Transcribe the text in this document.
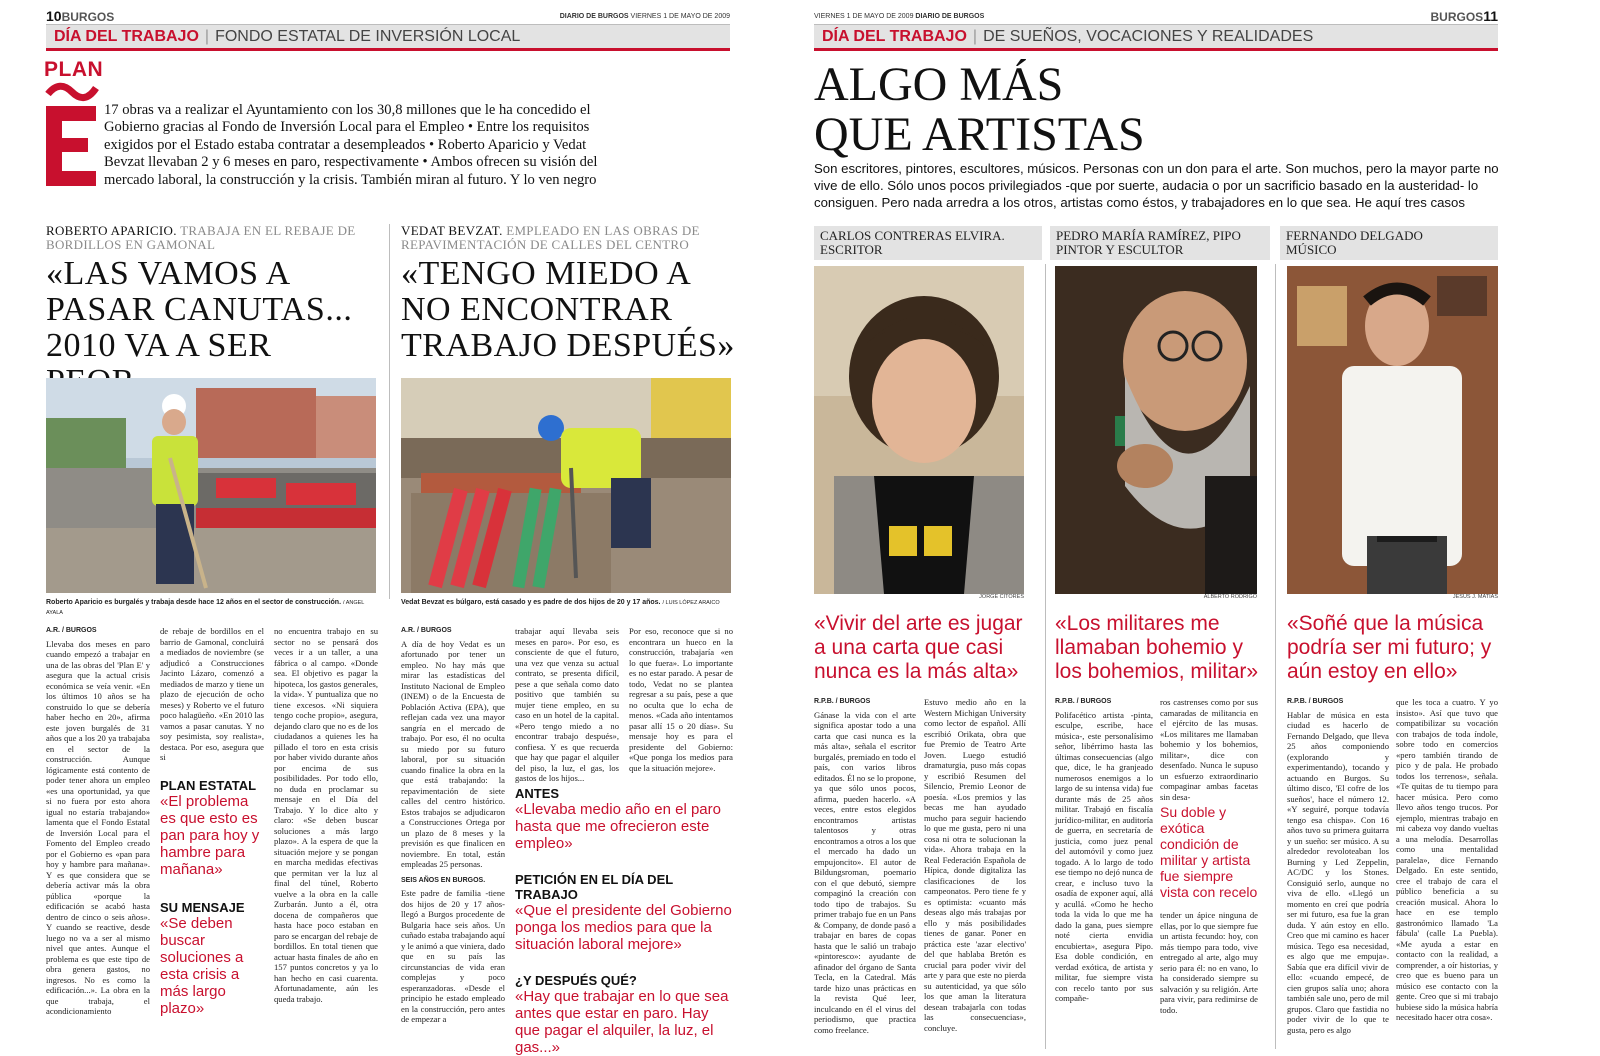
10BURGOS	DIARIO DE BURGOS VIERNES 1 DE MAYO DE 2009
DÍA DEL TRABAJO | FONDO ESTATAL DE INVERSIÓN LOCAL
PLAN
17 obras va a realizar el Ayuntamiento con los 30,8 millones que le ha concedido el Gobierno gracias al Fondo de Inversión Local para el Empleo • Entre los requisitos exigidos por el Estado estaba contratar a desempleados • Roberto Aparicio y Vedat Bevzat llevaban 2 y 6 meses en paro, respectivamente • Ambos ofrecen su visión del mercado laboral, la construcción y la crisis. También miran al futuro. Y lo ven negro
ROBERTO APARICIO. TRABAJA EN EL REBAJE DE BORDILLOS EN GAMONAL
«LAS VAMOS A PASAR CANUTAS... 2010 VA A SER
Roberto Aparicio es burgalés y trabaja desde hace 12 años en el sector de construcción. / ANGEL AYALA
A.R. / BURGOS
Llevaba dos meses en paro cuando empezó a trabajar en una de las obras del 'Plan E' y asegura que la actual crisis económica se veía venir. «En los últimos 10 años se ha construido lo que se debería haber hecho en 20», afirma este joven burgalés de 31 años que a los 20 ya trabajaba en el sector de la construcción. Aunque lógicamente está contento de poder tener ahora un empleo «es una oportunidad, ya que si no fuera por esto ahora igual no estaría trabajando» lamenta que el Fondo Estatal de Inversión Local para el Fomento del Empleo creado por el Gobierno es «pan para hoy y hambre para mañana». Y es que considera que se debería activar más la obra pública «porque la edificación se acabó hasta dentro de cinco o seis años». Y cuando se reactive, desde luego no va a ser al mismo nivel que antes. Aunque el problema es que este tipo de obra genera gastos, no ingresos. No es como la edificación...». La obra en la que trabaja, el acondicionamiento
de rebaje de bordillos en el barrio de Gamonal, concluirá a mediados de noviembre (se adjudicó a Construcciones Jacinto Lázaro, comenzó a mediados de marzo y tiene un plazo de ejecución de ocho meses) y Roberto ve el futuro poco halagüeño. «En 2010 las vamos a pasar canutas. Y no soy pesimista, soy realista», destaca. Por eso, asegura que si
PLAN ESTATAL
«El problema es que esto es pan para hoy y hambre para mañana»
SU MENSAJE
«Se deben buscar soluciones a esta crisis a más largo plazo»
no encuentra trabajo en su sector no se pensará dos veces ir a un taller, a una fábrica o al campo. «Donde sea. El objetivo es pagar la hipoteca, los gastos generales, la vida». Y puntualiza que no tiene excesos. «Ni siquiera tengo coche propio», asegura, dejando claro que no es de los ciudadanos a quienes les ha pillado el toro en esta crisis por haber vivido durante años por encima de sus posibilidades. Por todo ello, no duda en proclamar su mensaje en el Día del Trabajo. Y lo dice alto y claro: «Se deben buscar soluciones a más largo plazo». A la espera de que la situación mejore y se pongan en marcha medidas efectivas que permitan ver la luz al final del túnel, Roberto vuelve a la obra en la calle Zurbarán. Junto a él, otra docena de compañeros que hasta hace poco estaban en paro se encargan del rebaje de bordillos. En total tienen que actuar hasta finales de año en 157 puntos concretos y ya lo han hecho en casi cuarenta. Afortunadamente, aún les queda trabajo.
VEDAT BEVZAT. EMPLEADO EN LAS OBRAS DE REPAVIMENTACIÓN DE CALLES DEL CENTRO
«TENGO MIEDO A NO ENCONTRAR TRABAJO DESPUÉS»
Vedat Bevzat es búlgaro, está casado y es padre de dos hijos de 20 y 17 años. / LUIS LÓPEZ ARAICO
A.R. / BURGOS
A día de hoy Vedat es un afortunado por tener un empleo. No hay más que mirar las estadísticas del Instituto Nacional de Empleo (INEM) o de la Encuesta de Población Activa (EPA), que reflejan cada vez una mayor sangría en el mercado de trabajo. Por eso, él no oculta su miedo por su futuro laboral, por su situación cuando finalice la obra en la que está trabajando: la repavimentación de siete calles del centro histórico. Estos trabajos se adjudicaron a Construcciones Ortega por un plazo de 8 meses y la previsión es que finalicen en noviembre. En total, están empleadas 25 personas.
SEIS AÑOS EN BURGOS.
Este padre de familia -tiene dos hijos de 20 y 17 años- llegó a Burgos procedente de Bulgaria hace seis años. Un cuñado estaba trabajando aquí y le animó a que viniera, dado que en su país las circunstancias de vida eran complejas y poco esperanzadoras. «Desde el principio he estado empleado en la construcción, pero antes de empezar a
trabajar aquí llevaba seis meses en paro». Por eso, es consciente de que el futuro, una vez que venza su actual contrato, se presenta difícil, pese a que señala como dato positivo que también su mujer tiene empleo, en su caso en un hotel de la capital. «Pero tengo miedo a no encontrar trabajo después», confiesa. Y es que recuerda que hay que pagar el alquiler del piso, la luz, el gas, los gastos de los hijos...
Por eso, reconoce que si no encontrara un hueco en la construcción, trabajaría «en lo que fuera». Lo importante es no estar parado. A pesar de todo, Vedat no se plantea regresar a su país, pese a que no oculta que lo echa de menos. «Cada año intentamos pasar allí 15 o 20 días». Su mensaje hoy es para el presidente del Gobierno: «Que ponga los medios para que la situación mejore».
ANTES
«Llevaba medio año en el paro hasta que me ofrecieron este empleo»
PETICIÓN EN EL DÍA DEL TRABAJO
«Que el presidente del Gobierno ponga los medios para que la situación laboral mejore»
¿Y DESPUÉS QUÉ?
«Hay que trabajar en lo que sea antes que estar en paro. Hay que pagar el alquiler, la luz, el gas...»
VIERNES 1 DE MAYO DE 2009 DIARIO DE BURGOS	BURGOS11
DÍA DEL TRABAJO | DE SUEÑOS, VOCACIONES Y REALIDADES
ALGO MÁS
QUE ARTISTAS
Son escritores, pintores, escultores, músicos. Personas con un don para el arte. Son muchos, pero la mayor parte no vive de ello. Sólo unos pocos privilegiados -que por suerte, audacia o por un sacrificio basado en la austeridad- lo consiguen. Pero nada arredra a los otros, artistas como éstos, y trabajadores en lo que sea. He aquí tres casos
CARLOS CONTRERAS ELVIRA.
ESCRITOR
PEDRO MARÍA RAMÍREZ, PIPO
PINTOR Y ESCULTOR
FERNANDO DELGADO
MÚSICO
JORGE CITORES	ALBERTO RODRIGO	JESÚS J. MATÍAS
«Vivir del arte es jugar a una carta que casi nunca es la más alta»
«Los militares me llamaban bohemio y los bohemios, militar»
«Soñé que la música podría ser mi futuro; y aún estoy en ello»
R.P.B. / BURGOS
Gánase la vida con el arte significa apostar todo a una carta que casi nunca es la más alta», señala el escritor burgalés, premiado en todo el país, con varios libros editados. Él no se lo propone, ya que sólo unos pocos, afirma, pueden hacerlo. «A veces, entre estos elegidos encontramos artistas talentosos y otras encontramos a otros a los que el mercado ha dado un empujoncito». El autor de Bildungsroman, poemario con el que debutó, siempre compaginó la creación con todo tipo de trabajos. Su primer trabajo fue en un Pans & Company, de donde pasó a trabajar en bares de copas hasta que le salió un trabajo «pintoresco»: ayudante de afinador del órgano de Santa Tecla, en la Catedral. Más tarde hizo unas prácticas en la revista Qué leer, inculcando en él el virus del periodismo, que practica como freelance.
Estuvo medio año en la Western Michigan University como lector de español. Allí escribió Orikata, obra que fue Premio de Teatro Arte Joven. Luego estudió dramaturgia, puso más copas y escribió Resumen del Silencio, Premio Leonor de poesía. «Los premios y las becas me han ayudado mucho para seguir haciendo lo que me gusta, pero ni una cosa ni otra te solucionan la vida». Ahora trabaja en la Real Federación Española de Hípica, donde digitaliza las clasificaciones de los campeonatos. Pero tiene fe y es optimista: «cuanto más deseas algo más trabajas por ello y más posibilidades tienes de ganar. Poner en práctica este 'azar electivo' del que hablaba Bretón es crucial para poder vivir del arte y para que este no pierda su autenticidad, ya que sólo los que aman la literatura desean trabajarla con todas las consecuencias», concluye.
R.P.B. / BURGOS
Polifacético artista -pinta, esculpe, escribe, hace música-, este personalísimo señor, libérrimo hasta las últimas consecuencias (algo que, dice, le ha granjeado numerosos enemigos a lo largo de su intensa vida) fue durante más de 25 años militar. Trabajó en fiscalía jurídico-militar, en auditoría de guerra, en secretaría de justicia, como juez penal del automóvil y como juez togado. A lo largo de todo ese tiempo no dejó nunca de crear, e incluso tuvo la osadía de exponer aquí, allá y acullá. «Como he hecho toda la vida lo que me ha dado la gana, pues siempre noté cierta envidia encubierta», asegura Pipo. Esa doble condición, en verdad exótica, de artista y militar, fue siempre vista con recelo tanto por sus compañe-
ros castrenses como por sus camaradas de militancia en el ejército de las musas. «Los militares me llamaban bohemio y los bohemios, militar», dice con desenfado. Nunca le supuso un esfuerzo extraordinario compaginar ambas facetas sin desa-
Su doble y exótica condición de militar y artista fue siempre vista con recelo
tender un ápice ninguna de ellas, por lo que siempre fue un artista fecundo: hoy, con más tiempo para todo, vive entregado al arte, algo muy serio para él: no en vano, lo ha considerado siempre su salvación y su religión. Arte para vivir, para redimirse de todo.
R.P.B. / BURGOS
Hablar de música en esta ciudad es hacerlo de Fernando Delgado, que lleva 25 años componiendo (explorando y experimentando), tocando y actuando en Burgos. Su último disco, 'El cofre de los sueños', hace el número 12. «Y seguiré, porque todavía tengo esa chispa». Con 16 años tuvo su primera guitarra y un sueño: ser músico. A su alrededor revoloteaban los Burning y Led Zeppelin, AC/DC y los Stones. Consiguió serlo, aunque no viva de ello. «Llegó un momento en creí que podría ser mi futuro, esa fue la gran duda. Y aún estoy en ello. Creo que mi camino es hacer música. Tego esa necesidad, es algo que me empuja». Sabía que era difícil vivir de ello: «cuando empecé, de cien grupos salía uno; ahora también sale uno, pero de mil grupos. Claro que fastidia no poder vivir de lo que te gusta, pero es algo
que les toca a cuatro. Y yo insisto». Así que tuvo que compatibilizar su vocación con trabajos de toda índole, sobre todo en comercios «pero también tirando de pico y de pala. He probado todos los terrenos», señala. «Te quitas de tu tiempo para hacer música. Pero como llevo años tengo trucos. Por ejemplo, mientras trabajo en mi cabeza voy dando vueltas a una melodía. Desarrollas como una mentalidad paralela», dice Fernando Delgado. En este sentido, cree el trabajo de cara el público beneficia a su creación musical. Ahora lo hace en ese templo gastronómico llamado 'La fábula' (calle La Puebla). «Me ayuda a estar en contacto con la realidad, a comprender, a oír historias, y creo que es bueno para un músico ese contacto con la gente. Creo que si mi trabajo hubiese sido la música habría necesitado hacer otra cosa».
